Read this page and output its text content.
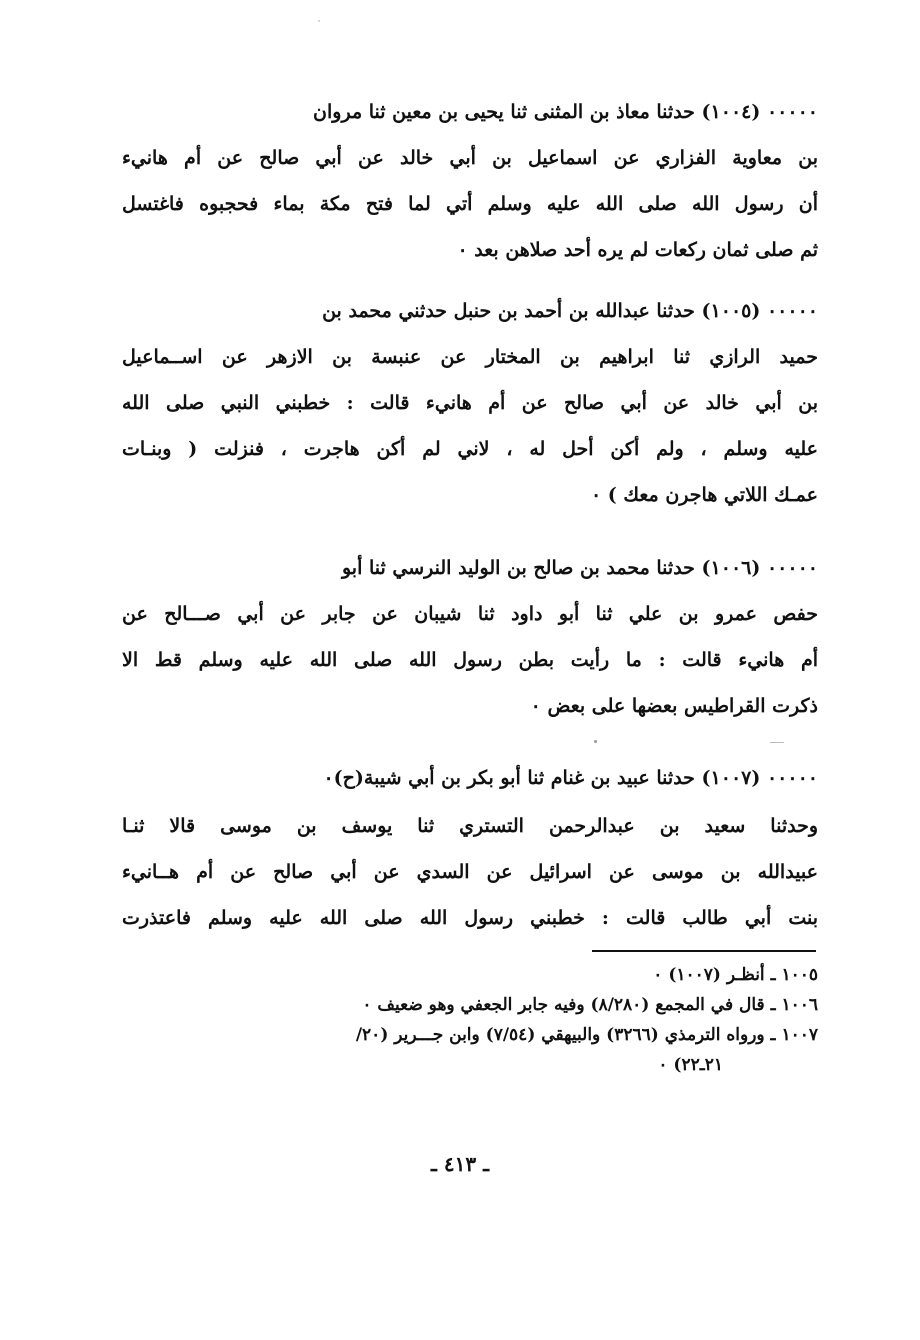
٠٠٠٠٠ (١٠٠٤) حدثنا معاذ بن المثنى ثنا يحيى بن معين ثنا مروان
بن معاوية الفزاري عن اسماعيل بن أبي خالد عن أبي صالح عن أم هانيء
أن رسول الله صلى الله عليه وسلم أتي لما فتح مكة بماء فحجبوه فاغتسل
ثم صلى ثمان ركعات لم يره أحد صلاهن بعد ٠
٠٠٠٠٠ (١٠٠٥) حدثنا عبدالله بن أحمد بن حنبل حدثني محمد بن
حميد الرازي ثنا ابراهيم بن المختار عن عنبسة بن الازهر عن اســماعيل
بن أبي خالد عن أبي صالح عن أم هانيء قالت : خطبني النبي صلى الله
عليه وسلم ، ولم أكن أحل له ، لاني لم أكن هاجرت ، فنزلت ( وبنـات
عمـك اللاتي هاجرن معك ) ٠
٠٠٠٠٠ (١٠٠٦) حدثنا محمد بن صالح بن الوليد النرسي ثنا أبو
حفص عمرو بن علي ثنا أبو داود ثنا شيبان عن جابر عن أبي صـــالح عن
أم هانيء قالت : ما رأيت بطن رسول الله صلى الله عليه وسلم قط الا
ذكرت القراطيس بعضها على بعض ٠
٠٠٠٠٠ (١٠٠٧) حدثنا عبيد بن غنام ثنا أبو بكر بن أبي شيبة(ح)٠
وحدثنا سعيد بن عبدالرحمن التستري ثنا يوسف بن موسى قالا ثنـا
عبيدالله بن موسى عن اسرائيل عن السدي عن أبي صالح عن أم هــانيء
بنت أبي طالب قالت : خطبني رسول الله صلى الله عليه وسلم فاعتذرت
١٠٠٥ ـ أنظـر (١٠٠٧) ٠
١٠٠٦ ـ قال في المجمع (٨/٢٨٠) وفيه جابر الجعفي وهو ضعيف ٠
١٠٠٧ ـ ورواه الترمذي (٣٢٦٦) والبيهقي (٧/٥٤) وابن جـــرير (٢٠/
٢١ـ٢٢) ٠
ـ ٤١٣ ـ
